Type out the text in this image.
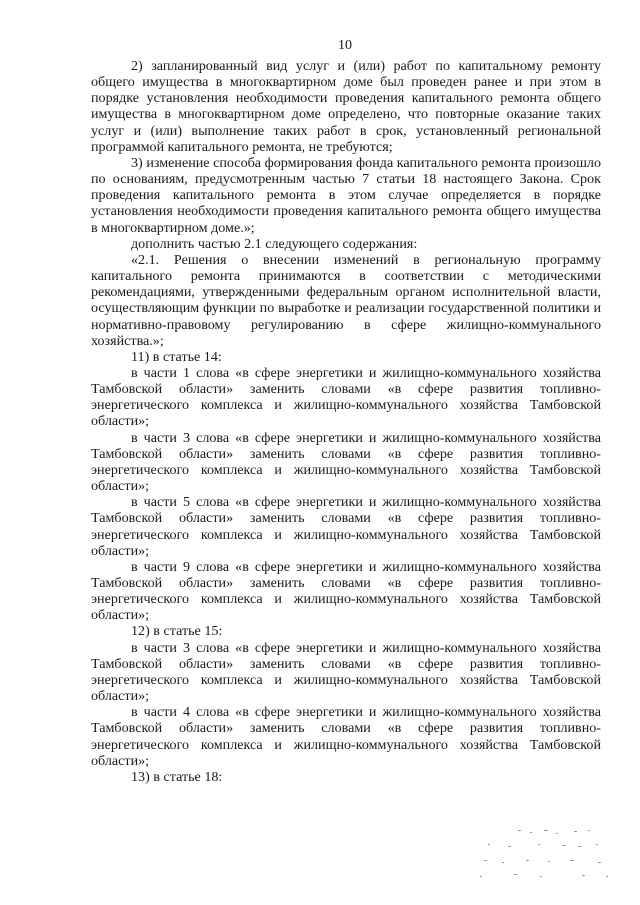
10

2) запланированный вид услуг и (или) работ по капитальному ремонту общего имущества в многоквартирном доме был проведен ранее и при этом в порядке установления необходимости проведения капитального ремонта общего имущества в многоквартирном доме определено, что повторные оказание таких услуг и (или) выполнение таких работ в срок, установленный региональной программой капитального ремонта, не требуются;

3) изменение способа формирования фонда капитального ремонта произошло по основаниям, предусмотренным частью 7 статьи 18 настоящего Закона. Срок проведения капитального ремонта в этом случае определяется в порядке установления необходимости проведения капитального ремонта общего имущества в многоквартирном доме.»;

дополнить частью 2.1 следующего содержания:

«2.1. Решения о внесении изменений в региональную программу капитального ремонта принимаются в соответствии с методическими рекомендациями, утвержденными федеральным органом исполнительной власти, осуществляющим функции по выработке и реализации государственной политики и нормативно-правовому регулированию в сфере жилищно-коммунального хозяйства.»;

11) в статье 14:

в части 1 слова «в сфере энергетики и жилищно-коммунального хозяйства Тамбовской области» заменить словами «в сфере развития топливно-энергетического комплекса и жилищно-коммунального хозяйства Тамбовской области»;

в части 3 слова «в сфере энергетики и жилищно-коммунального хозяйства Тамбовской области» заменить словами «в сфере развития топливно-энергетического комплекса и жилищно-коммунального хозяйства Тамбовской области»;

в части 5 слова «в сфере энергетики и жилищно-коммунального хозяйства Тамбовской области» заменить словами «в сфере развития топливно-энергетического комплекса и жилищно-коммунального хозяйства Тамбовской области»;

в части 9 слова «в сфере энергетики и жилищно-коммунального хозяйства Тамбовской области» заменить словами «в сфере развития топливно-энергетического комплекса и жилищно-коммунального хозяйства Тамбовской области»;

12) в статье 15:

в части 3 слова «в сфере энергетики и жилищно-коммунального хозяйства Тамбовской области» заменить словами «в сфере развития топливно-энергетического комплекса и жилищно-коммунального хозяйства Тамбовской области»;

в части 4 слова «в сфере энергетики и жилищно-коммунального хозяйства Тамбовской области» заменить словами «в сфере развития топливно-энергетического комплекса и жилищно-коммунального хозяйства Тамбовской области»;

13) в статье 18:
